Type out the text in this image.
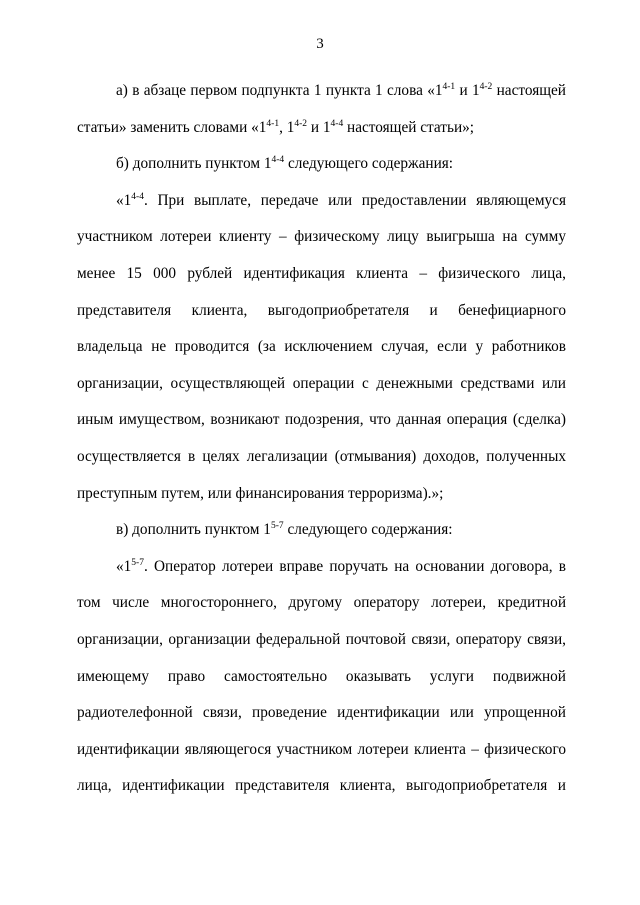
3

а) в абзаце первом подпункта 1 пункта 1 слова «1$^{4-1}$ и 1$^{4-2}$ настоящей статьи» заменить словами «1$^{4-1}$, 1$^{4-2}$ и 1$^{4-4}$ настоящей статьи»;

б) дополнить пунктом 1$^{4-4}$ следующего содержания:

«1$^{4-4}$. При выплате, передаче или предоставлении являющемуся участником лотереи клиенту – физическому лицу выигрыша на сумму менее 15 000 рублей идентификация клиента – физического лица, представителя клиента, выгодоприобретателя и бенефициарного владельца не проводится (за исключением случая, если у работников организации, осуществляющей операции с денежными средствами или иным имуществом, возникают подозрения, что данная операция (сделка) осуществляется в целях легализации (отмывания) доходов, полученных преступным путем, или финансирования терроризма).»;

в) дополнить пунктом 1$^{5-7}$ следующего содержания:

«1$^{5-7}$. Оператор лотереи вправе поручать на основании договора, в том числе многостороннего, другому оператору лотереи, кредитной организации, организации федеральной почтовой связи, оператору связи, имеющему право самостоятельно оказывать услуги подвижной радиотелефонной связи, проведение идентификации или упрощенной идентификации являющегося участником лотереи клиента – физического лица, идентификации представителя клиента, выгодоприобретателя и
